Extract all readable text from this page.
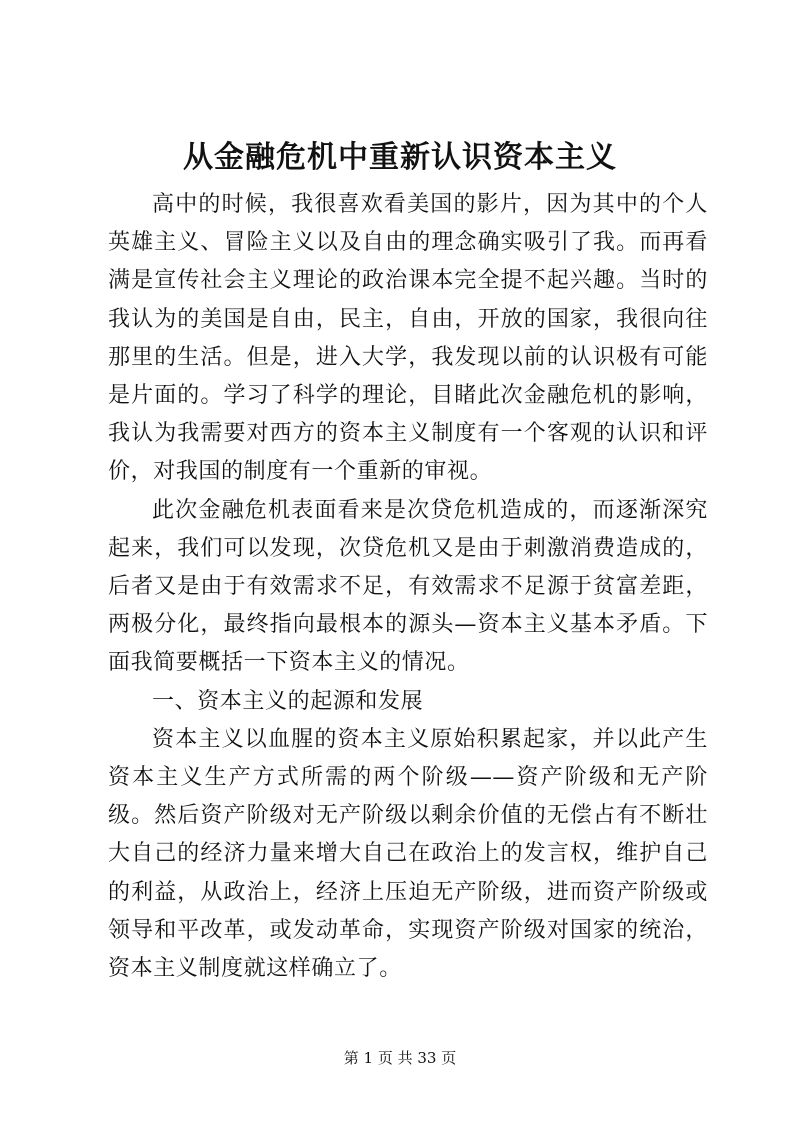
从金融危机中重新认识资本主义

高中的时候，我很喜欢看美国的影片，因为其中的个人英雄主义、冒险主义以及自由的理念确实吸引了我。而再看满是宣传社会主义理论的政治课本完全提不起兴趣。当时的我认为的美国是自由，民主，自由，开放的国家，我很向往那里的生活。但是，进入大学，我发现以前的认识极有可能是片面的。学习了科学的理论，目睹此次金融危机的影响，我认为我需要对西方的资本主义制度有一个客观的认识和评价，对我国的制度有一个重新的审视。

此次金融危机表面看来是次贷危机造成的，而逐渐深究起来，我们可以发现，次贷危机又是由于刺激消费造成的，后者又是由于有效需求不足，有效需求不足源于贫富差距，两极分化，最终指向最根本的源头—资本主义基本矛盾。下面我简要概括一下资本主义的情况。

一、资本主义的起源和发展

资本主义以血腥的资本主义原始积累起家，并以此产生资本主义生产方式所需的两个阶级——资产阶级和无产阶级。然后资产阶级对无产阶级以剩余价值的无偿占有不断壮大自己的经济力量来增大自己在政治上的发言权，维护自己的利益，从政治上，经济上压迫无产阶级，进而资产阶级或领导和平改革，或发动革命，实现资产阶级对国家的统治，资本主义制度就这样确立了。

第 1 页 共 33 页
